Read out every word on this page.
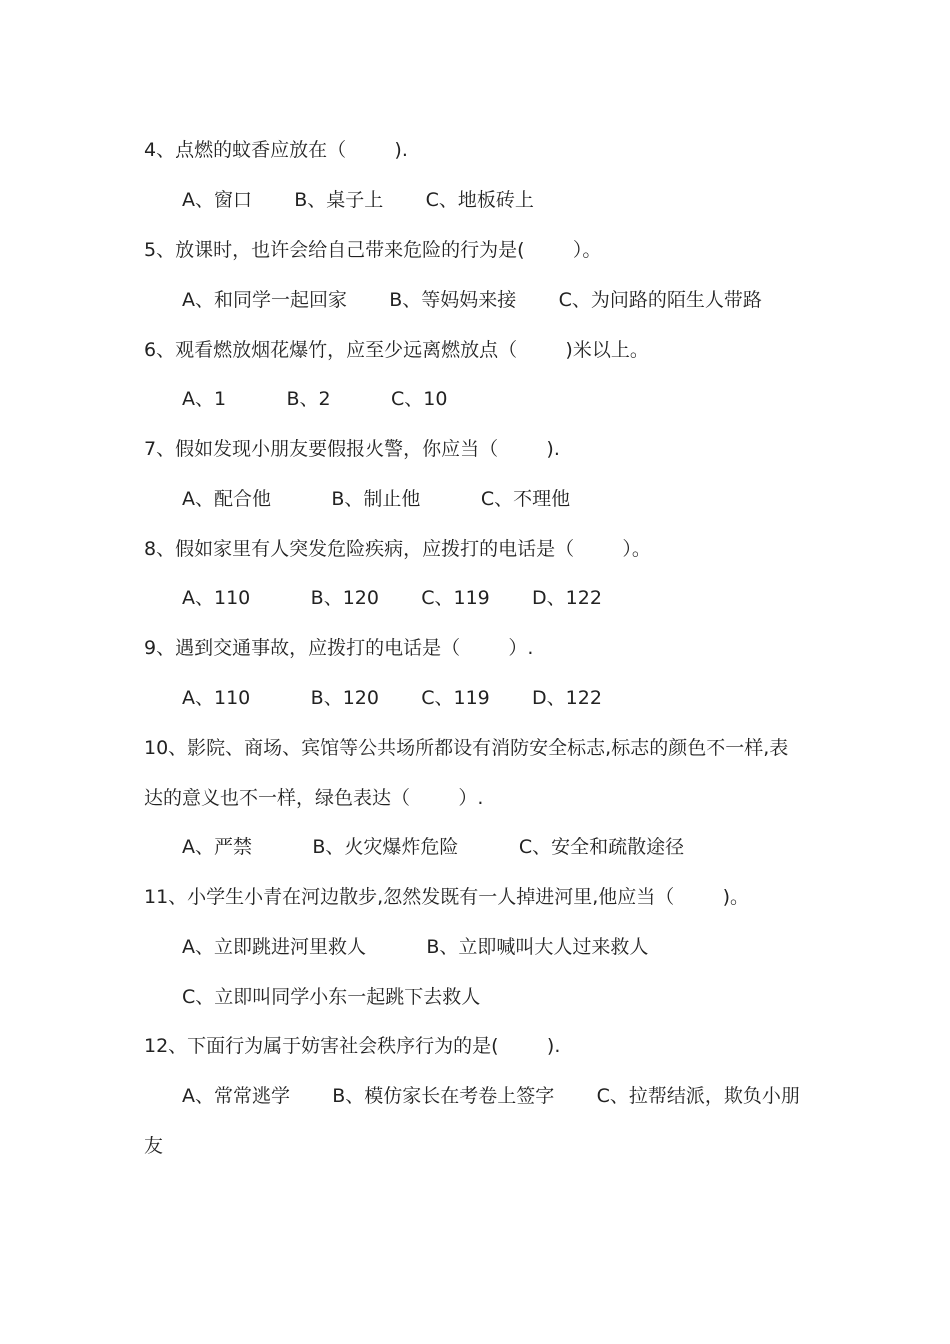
4、点燃的蚊香应放在（        ).
A、窗口       B、桌子上       C、地板砖上
5、放课时，也许会给自己带来危险的行为是(        ）。
A、和同学一起回家       B、等妈妈来接       C、为问路的陌生人带路
6、观看燃放烟花爆竹，应至少远离燃放点（        )米以上。
A、1          B、2          C、10
7、假如发现小朋友要假报火警，你应当（        ).
A、配合他          B、制止他          C、不理他
8、假如家里有人突发危险疾病，应拨打的电话是（        ）。
A、110          B、120       C、119       D、122
9、遇到交通事故，应拨打的电话是（        ）.
A、110          B、120       C、119       D、122
10、影院、商场、宾馆等公共场所都设有消防安全标志,标志的颜色不一样,表
达的意义也不一样，绿色表达（        ）.
A、严禁          B、火灾爆炸危险          C、安全和疏散途径
11、小学生小青在河边散步,忽然发既有一人掉进河里,他应当（        )。
A、立即跳进河里救人          B、立即喊叫大人过来救人
C、立即叫同学小东一起跳下去救人
12、下面行为属于妨害社会秩序行为的是(        ).
A、常常逃学       B、模仿家长在考卷上签字       C、拉帮结派，欺负小朋
友
